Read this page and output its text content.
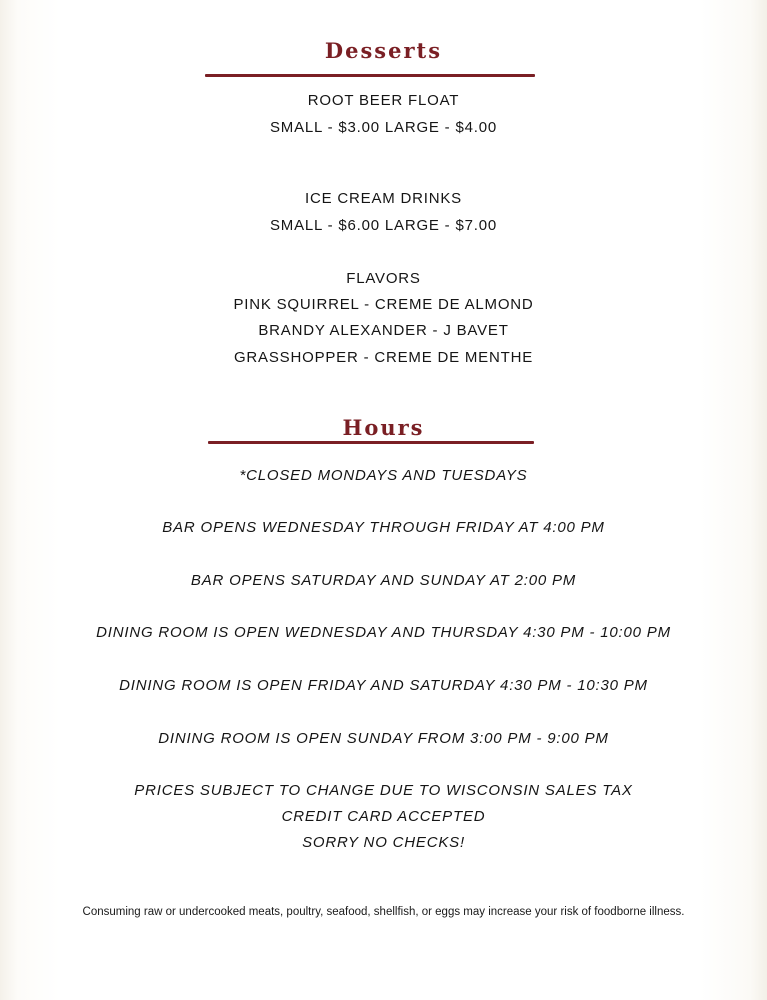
Desserts
ROOT BEER FLOAT
SMALL - $3.00 LARGE - $4.00
ICE CREAM DRINKS
SMALL - $6.00 LARGE - $7.00
FLAVORS
PINK SQUIRREL - CREME DE ALMOND
BRANDY ALEXANDER - J BAVET
GRASSHOPPER - CREME DE MENTHE
Hours
*CLOSED MONDAYS AND TUESDAYS
BAR OPENS WEDNESDAY THROUGH FRIDAY AT 4:00 PM
BAR OPENS SATURDAY AND SUNDAY AT 2:00 PM
DINING ROOM IS OPEN WEDNESDAY AND THURSDAY 4:30 PM - 10:00 PM
DINING ROOM IS OPEN FRIDAY AND SATURDAY 4:30 PM - 10:30 PM
DINING ROOM IS OPEN SUNDAY FROM 3:00 PM - 9:00 PM
PRICES SUBJECT TO CHANGE DUE TO WISCONSIN SALES TAX
CREDIT CARD ACCEPTED
SORRY NO CHECKS!
Consuming raw or undercooked meats, poultry, seafood, shellfish, or eggs may increase your risk of foodborne illness.
